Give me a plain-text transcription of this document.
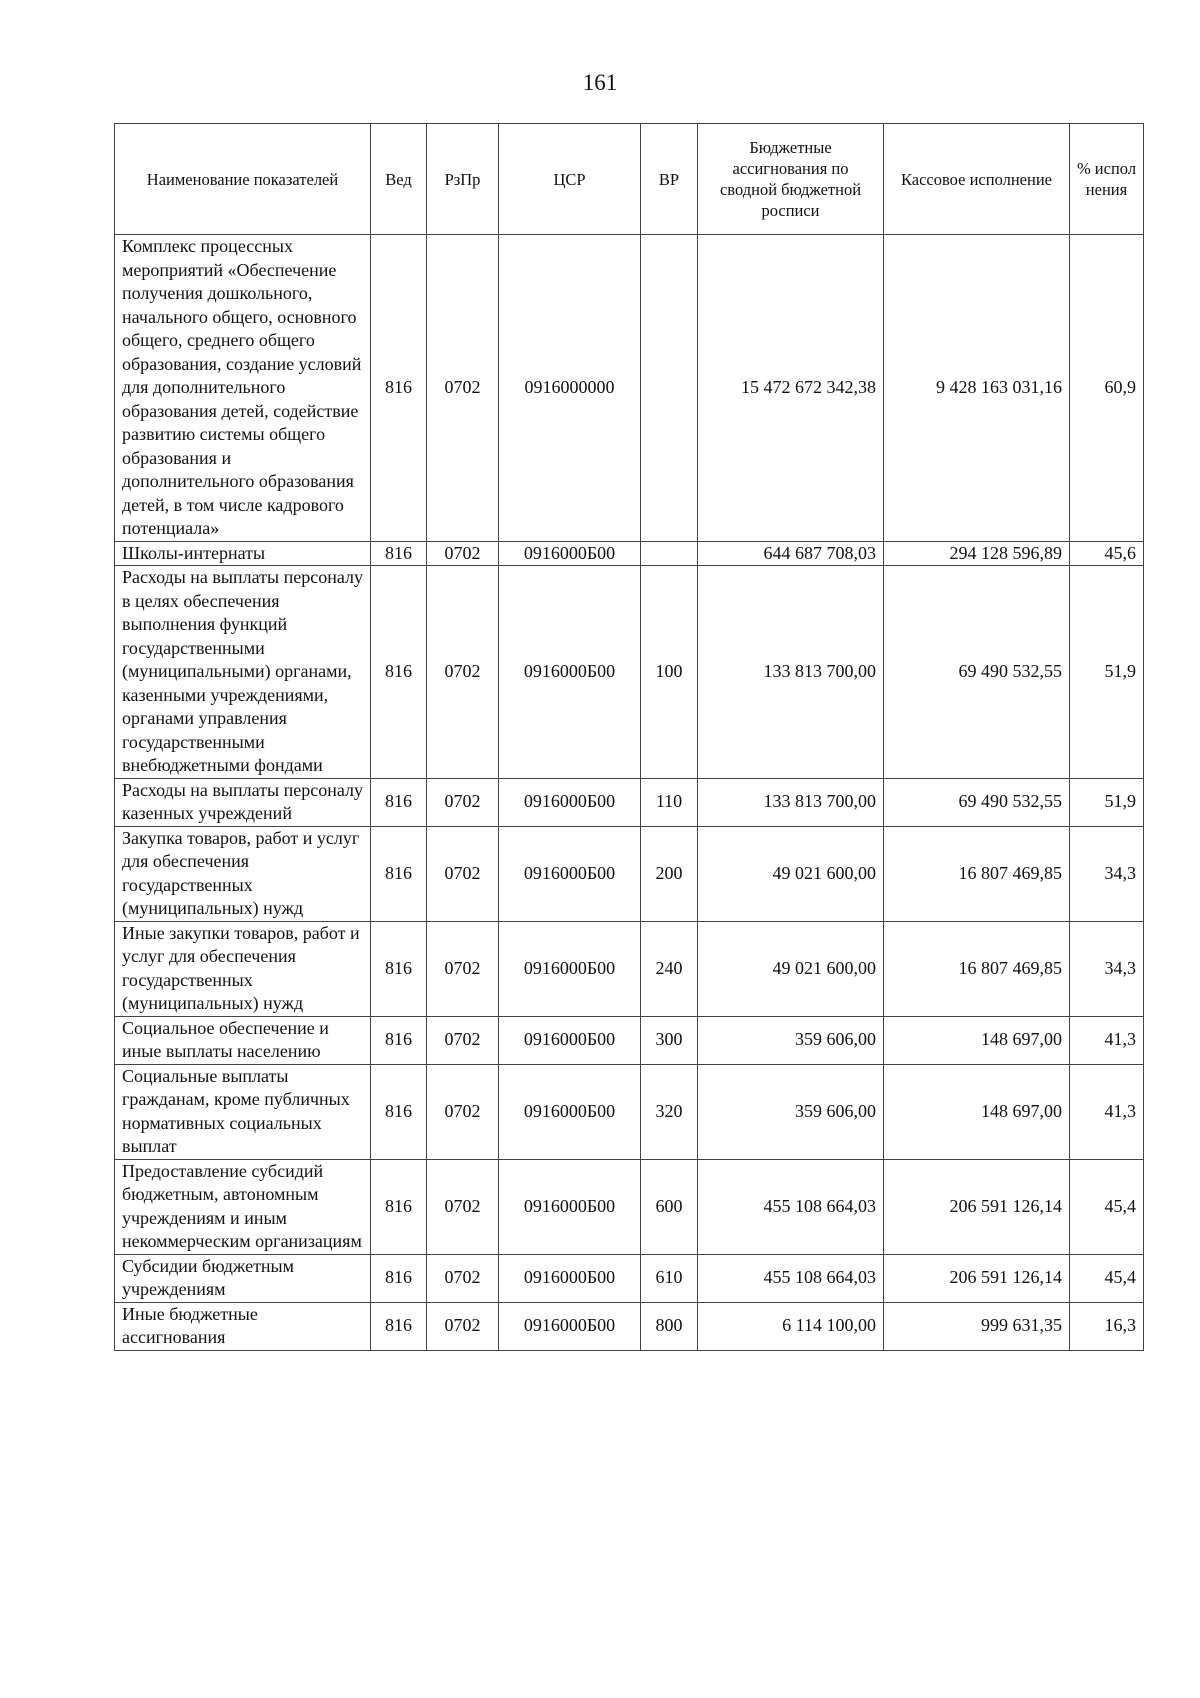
161
Наименование показателей	Вед	РзПр	ЦСР	ВР	Бюджетные ассигнования по сводной бюджетной росписи	Кассовое исполнение	% испол нения
Комплекс процессных мероприятий «Обеспечение получения дошкольного, начального общего, основного общего, среднего общего образования, создание условий для дополнительного образования детей, содействие развитию системы общего образования и дополнительного образования детей, в том числе кадрового потенциала»	816	0702	0916000000		15 472 672 342,38	9 428 163 031,16	60,9
Школы-интернаты	816	0702	0916000Б00		644 687 708,03	294 128 596,89	45,6
Расходы на выплаты персоналу в целях обеспечения выполнения функций государственными (муниципальными) органами, казенными учреждениями, органами управления государственными внебюджетными фондами	816	0702	0916000Б00	100	133 813 700,00	69 490 532,55	51,9
Расходы на выплаты персоналу казенных учреждений	816	0702	0916000Б00	110	133 813 700,00	69 490 532,55	51,9
Закупка товаров, работ и услуг для обеспечения государственных (муниципальных) нужд	816	0702	0916000Б00	200	49 021 600,00	16 807 469,85	34,3
Иные закупки товаров, работ и услуг для обеспечения государственных (муниципальных) нужд	816	0702	0916000Б00	240	49 021 600,00	16 807 469,85	34,3
Социальное обеспечение и иные выплаты населению	816	0702	0916000Б00	300	359 606,00	148 697,00	41,3
Социальные выплаты гражданам, кроме публичных нормативных социальных выплат	816	0702	0916000Б00	320	359 606,00	148 697,00	41,3
Предоставление субсидий бюджетным, автономным учреждениям и иным некоммерческим организациям	816	0702	0916000Б00	600	455 108 664,03	206 591 126,14	45,4
Субсидии бюджетным учреждениям	816	0702	0916000Б00	610	455 108 664,03	206 591 126,14	45,4
Иные бюджетные ассигнования	816	0702	0916000Б00	800	6 114 100,00	999 631,35	16,3
